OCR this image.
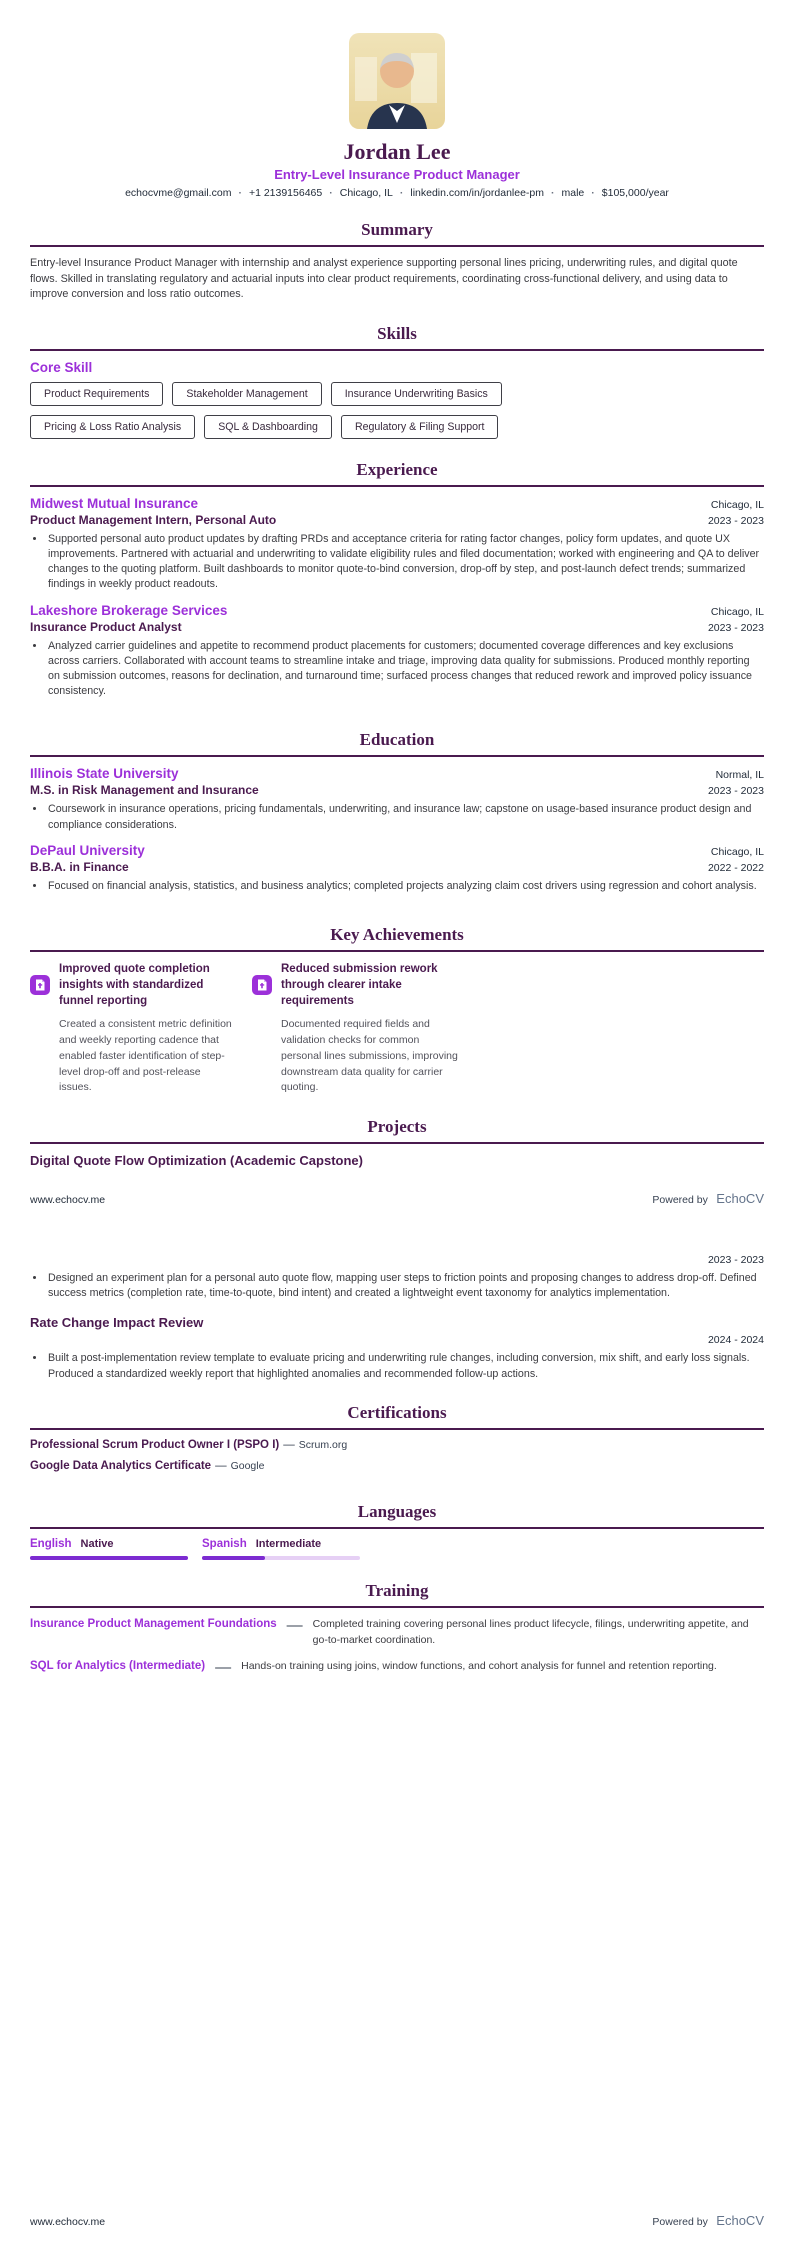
Jordan Lee
Entry-Level Insurance Product Manager
echocvme@gmail.com · +1 2139156465 · Chicago, IL · linkedin.com/in/jordanlee-pm · male · $105,000/year
Summary
Entry-level Insurance Product Manager with internship and analyst experience supporting personal lines pricing, underwriting rules, and digital quote flows. Skilled in translating regulatory and actuarial inputs into clear product requirements, coordinating cross-functional delivery, and using data to improve conversion and loss ratio outcomes.
Skills
Core Skill
Product Requirements	Stakeholder Management	Insurance Underwriting Basics
Pricing & Loss Ratio Analysis	SQL & Dashboarding	Regulatory & Filing Support
Experience
Midwest Mutual Insurance	Chicago, IL
Product Management Intern, Personal Auto	2023 - 2023
• Supported personal auto product updates by drafting PRDs and acceptance criteria for rating factor changes, policy form updates, and quote UX improvements. Partnered with actuarial and underwriting to validate eligibility rules and filed documentation; worked with engineering and QA to deliver changes to the quoting platform. Built dashboards to monitor quote-to-bind conversion, drop-off by step, and post-launch defect trends; summarized findings in weekly product readouts.
Lakeshore Brokerage Services	Chicago, IL
Insurance Product Analyst	2023 - 2023
• Analyzed carrier guidelines and appetite to recommend product placements for customers; documented coverage differences and key exclusions across carriers. Collaborated with account teams to streamline intake and triage, improving data quality for submissions. Produced monthly reporting on submission outcomes, reasons for declination, and turnaround time; surfaced process changes that reduced rework and improved policy issuance consistency.
Education
Illinois State University	Normal, IL
M.S. in Risk Management and Insurance	2023 - 2023
• Coursework in insurance operations, pricing fundamentals, underwriting, and insurance law; capstone on usage-based insurance product design and compliance considerations.
DePaul University	Chicago, IL
B.B.A. in Finance	2022 - 2022
• Focused on financial analysis, statistics, and business analytics; completed projects analyzing claim cost drivers using regression and cohort analysis.
Key Achievements
Improved quote completion insights with standardized funnel reporting
Created a consistent metric definition and weekly reporting cadence that enabled faster identification of step-level drop-off and post-release issues.
Reduced submission rework through clearer intake requirements
Documented required fields and validation checks for common personal lines submissions, improving downstream data quality for carrier quoting.
Projects
Digital Quote Flow Optimization (Academic Capstone)
www.echocv.me	Powered by EchoCV
2023 - 2023
• Designed an experiment plan for a personal auto quote flow, mapping user steps to friction points and proposing changes to address drop-off. Defined success metrics (completion rate, time-to-quote, bind intent) and created a lightweight event taxonomy for analytics implementation.
Rate Change Impact Review
2024 - 2024
• Built a post-implementation review template to evaluate pricing and underwriting rule changes, including conversion, mix shift, and early loss signals. Produced a standardized weekly report that highlighted anomalies and recommended follow-up actions.
Certifications
Professional Scrum Product Owner I (PSPO I) — Scrum.org
Google Data Analytics Certificate — Google
Languages
English Native	Spanish Intermediate
Training
Insurance Product Management Foundations — Completed training covering personal lines product lifecycle, filings, underwriting appetite, and go-to-market coordination.
SQL for Analytics (Intermediate) — Hands-on training using joins, window functions, and cohort analysis for funnel and retention reporting.
www.echocv.me	Powered by EchoCV
